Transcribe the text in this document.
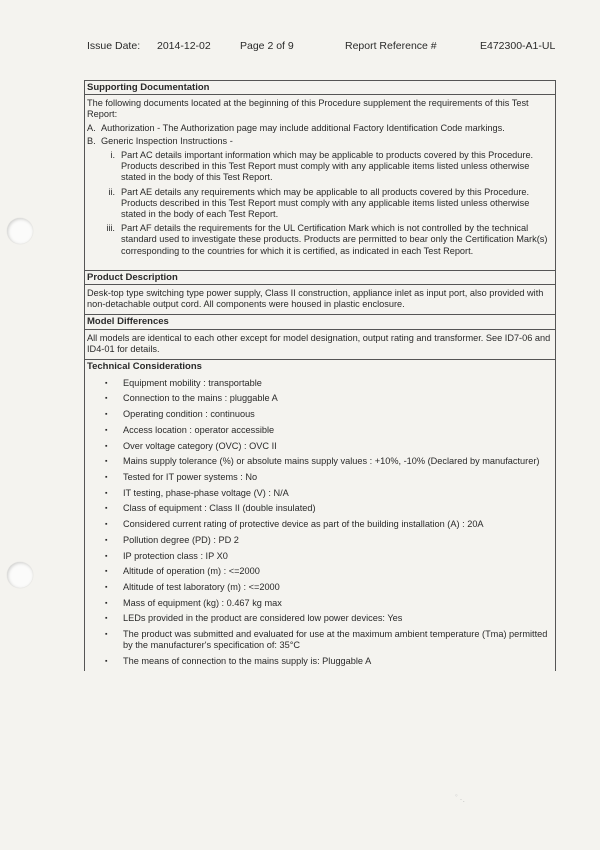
Issue Date: 2014-12-02	Page 2 of 9	Report Reference #	E472300-A1-UL
Supporting Documentation

The following documents located at the beginning of this Procedure supplement the requirements of this Test Report:

A. Authorization - The Authorization page may include additional Factory Identification Code markings.
B. Generic Inspection Instructions -
i. Part AC details important information which may be applicable to products covered by this Procedure. Products described in this Test Report must comply with any applicable items listed unless otherwise stated in the body of this Test Report.
ii. Part AE details any requirements which may be applicable to all products covered by this Procedure. Products described in this Test Report must comply with any applicable items listed unless otherwise stated in the body of each Test Report.
iii. Part AF details the requirements for the UL Certification Mark which is not controlled by the technical standard used to investigate these products. Products are permitted to bear only the Certification Mark(s) corresponding to the countries for which it is certified, as indicated in each Test Report.
Product Description

Desk-top type switching type power supply, Class II construction, appliance inlet as input port, also provided with non-detachable output cord. All components were housed in plastic enclosure.

Model Differences

All models are identical to each other except for model designation, output rating and transformer. See ID7-06 and ID4-01 for details.

Technical Considerations
▪	Equipment mobility : transportable
▪	Connection to the mains : pluggable A
▪	Operating condition : continuous
▪	Access location : operator accessible
▪	Over voltage category (OVC) : OVC II
▪	Mains supply tolerance (%) or absolute mains supply values : +10%, -10% (Declared by manufacturer)
▪	Tested for IT power systems : No
▪	IT testing, phase-phase voltage (V) : N/A
▪	Class of equipment : Class II (double insulated)
▪	Considered current rating of protective device as part of the building installation (A) : 20A
▪	Pollution degree (PD) : PD 2
▪	IP protection class : IP X0
▪	Altitude of operation (m) : <=2000
▪	Altitude of test laboratory (m) : <=2000
▪	Mass of equipment (kg) : 0.467 kg max
▪	LEDs provided in the product are considered low power devices: Yes
▪	The product was submitted and evaluated for use at the maximum ambient temperature (Tma) permitted by the manufacturer's specification of: 35°C
▪	The means of connection to the mains supply is: Pluggable A
ﾟ·.
